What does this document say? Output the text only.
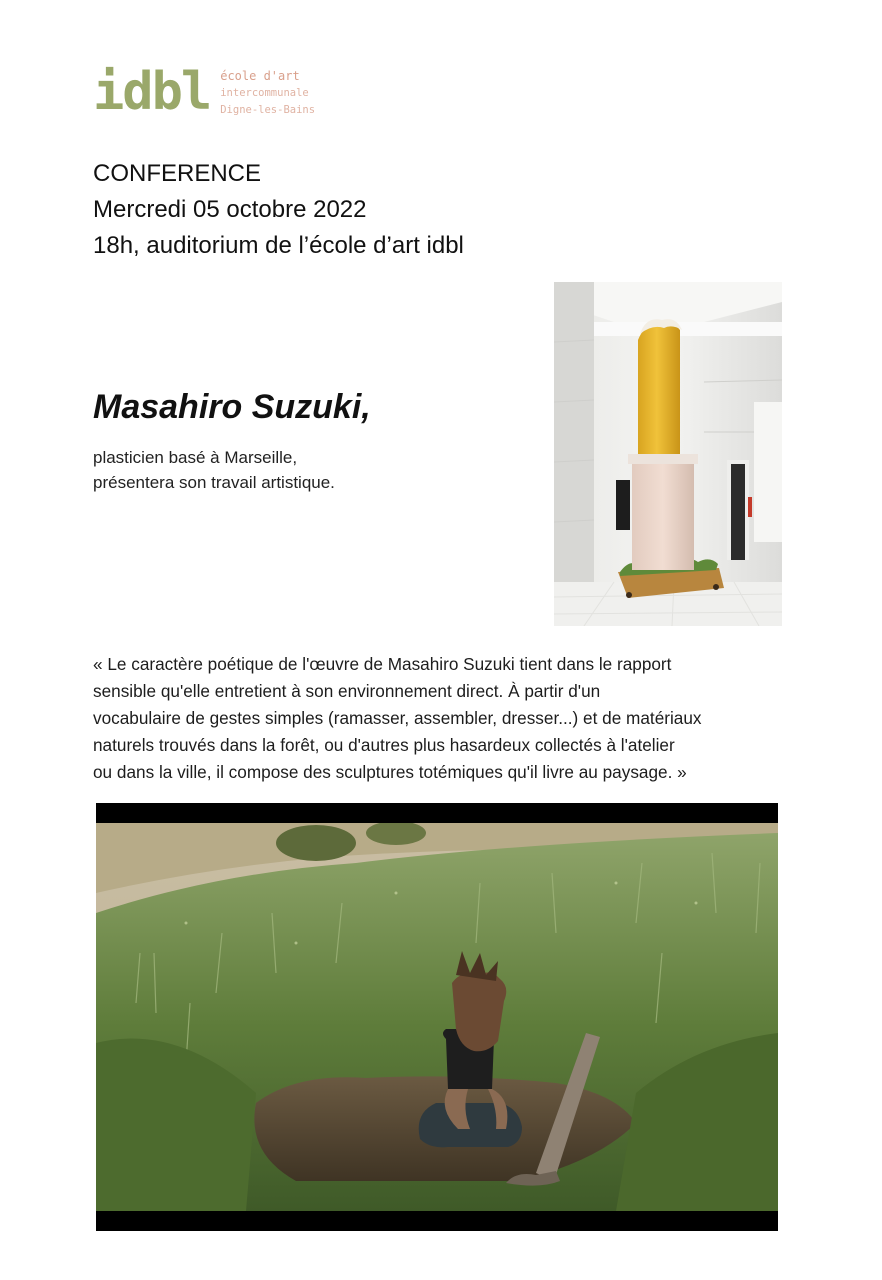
idbl école d'art
intercommunale
Digne-les-Bains
CONFERENCE
Mercredi 05 octobre 2022
18h, auditorium de l’école d’art idbl
Masahiro Suzuki,
plasticien basé à Marseille,
présentera son travail artistique.
« Le caractère poétique de l'œuvre de Masahiro Suzuki tient dans le rapport
sensible qu'elle entretient à son environnement direct. À partir d'un
vocabulaire de gestes simples (ramasser, assembler, dresser...) et de matériaux
naturels trouvés dans la forêt, ou d'autres plus hasardeux collectés à l'atelier
ou dans la ville, il compose des sculptures totémiques qu'il livre au paysage. »
